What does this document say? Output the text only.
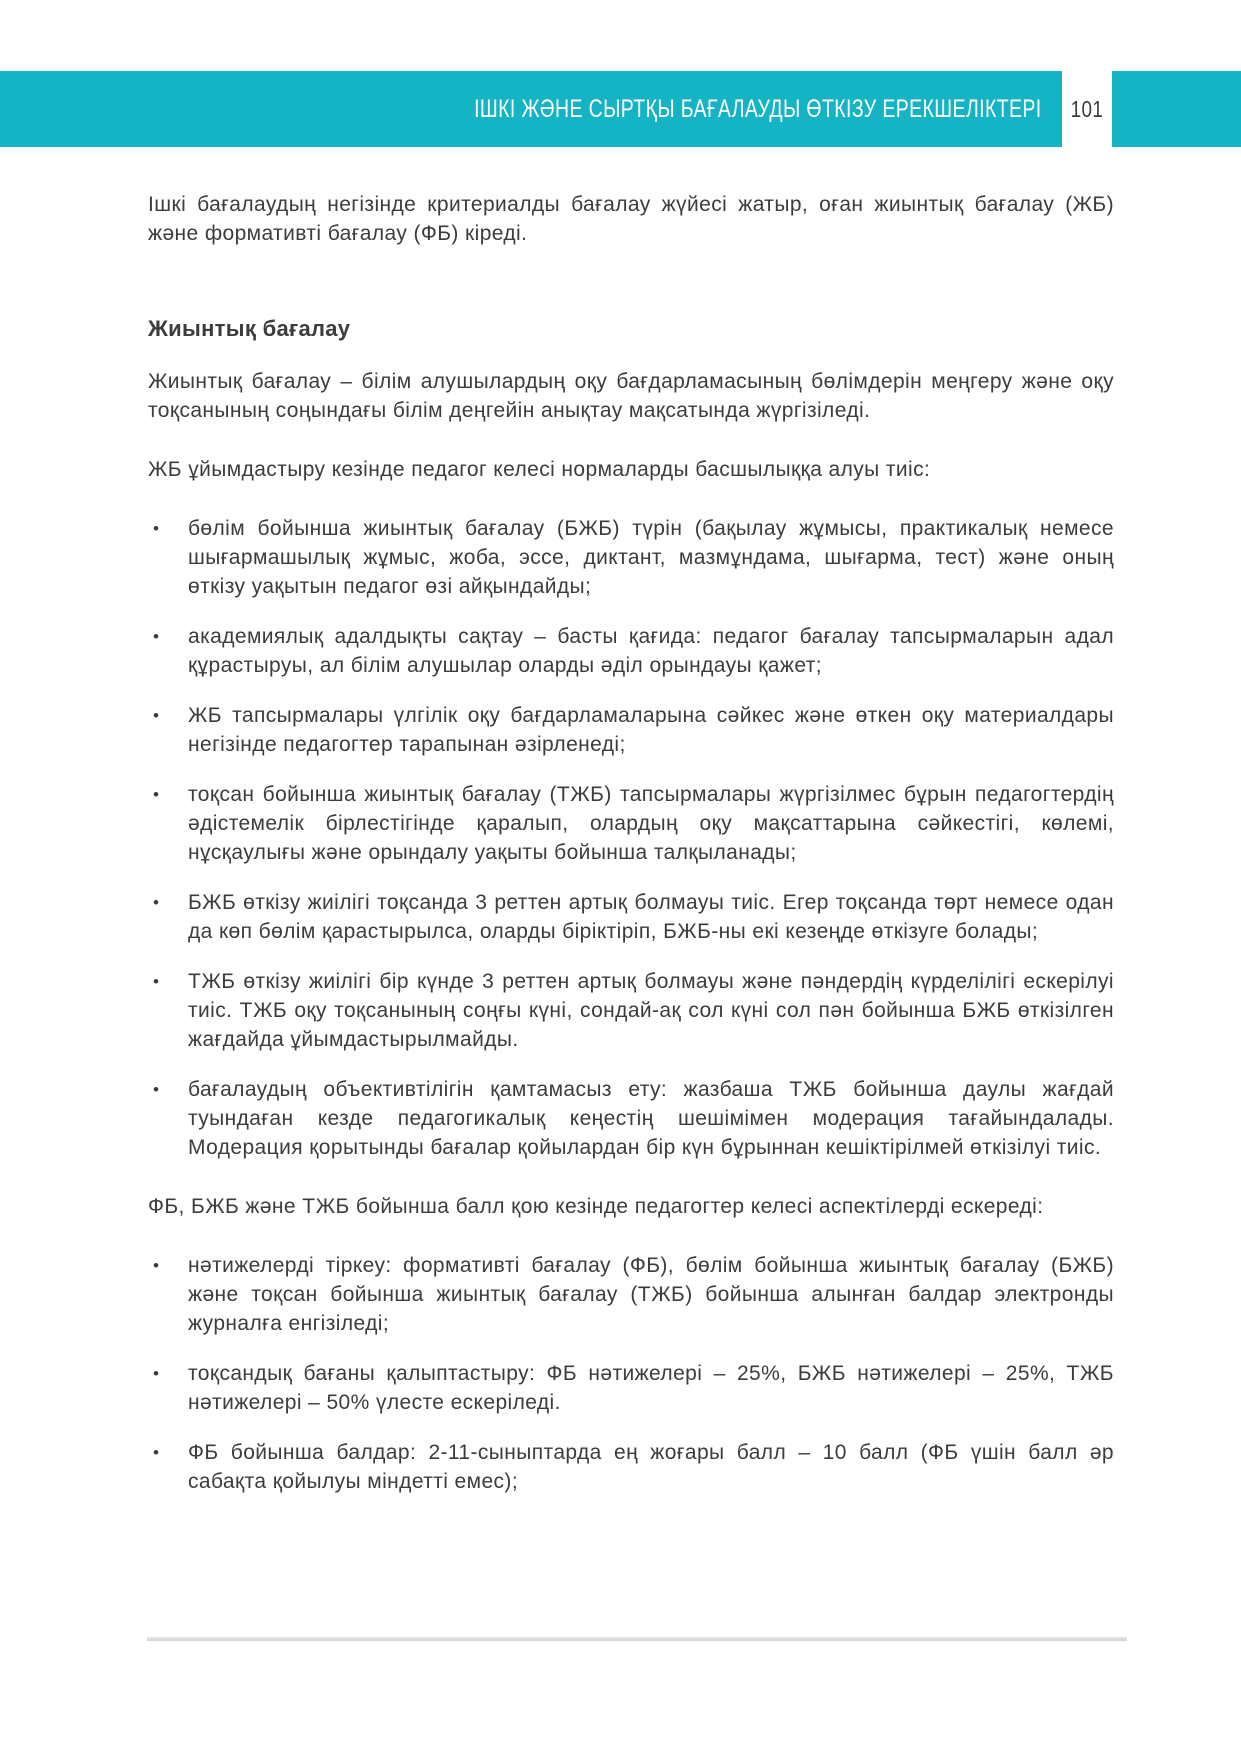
ІШКІ ЖӘНЕ СЫРТҚЫ БАҒАЛАУДЫ ӨТКІЗУ ЕРЕКШЕЛІКТЕРІ 101

Ішкі бағалаудың негізінде критериалды бағалау жүйесі жатыр, оған жиынтық бағалау (ЖБ) және формативті бағалау (ФБ) кіреді.

Жиынтық бағалау

Жиынтық бағалау – білім алушылардың оқу бағдарламасының бөлімдерін меңгеру және оқу тоқсанының соңындағы білім деңгейін анықтау мақсатында жүргізіледі.

ЖБ ұйымдастыру кезінде педагог келесі нормаларды басшылыққа алуы тиіс:

• бөлім бойынша жиынтық бағалау (БЖБ) түрін (бақылау жұмысы, практикалық немесе шығармашылық жұмыс, жоба, эссе, диктант, мазмұндама, шығарма, тест) және оның өткізу уақытын педагог өзі айқындайды;
• академиялық адалдықты сақтау – басты қағида: педагог бағалау тапсырмаларын адал құрастыруы, ал білім алушылар оларды әділ орындауы қажет;
• ЖБ тапсырмалары үлгілік оқу бағдарламаларына сәйкес және өткен оқу материалдары негізінде педагогтер тарапынан әзірленеді;
• тоқсан бойынша жиынтық бағалау (ТЖБ) тапсырмалары жүргізілмес бұрын педагогтердің әдістемелік бірлестігінде қаралып, олардың оқу мақсаттарына сәйкестігі, көлемі, нұсқаулығы және орындалу уақыты бойынша талқыланады;
• БЖБ өткізу жиілігі тоқсанда 3 реттен артық болмауы тиіс. Егер тоқсанда төрт немесе одан да көп бөлім қарастырылса, оларды біріктіріп, БЖБ-ны екі кезеңде өткізуге болады;
• ТЖБ өткізу жиілігі бір күнде 3 реттен артық болмауы және пәндердің күрделілігі ескерілуі тиіс. ТЖБ оқу тоқсанының соңғы күні, сондай-ақ сол күні сол пән бойынша БЖБ өткізілген жағдайда ұйымдастырылмайды.
• бағалаудың объективтілігін қамтамасыз ету: жазбаша ТЖБ бойынша даулы жағдай туындаған кезде педагогикалық кеңестің шешімімен модерация тағайындалады. Модерация қорытынды бағалар қойылардан бір күн бұрыннан кешіктірілмей өткізілуі тиіс.

ФБ, БЖБ және ТЖБ бойынша балл қою кезінде педагогтер келесі аспектілерді ескереді:

• нәтижелерді тіркеу: формативті бағалау (ФБ), бөлім бойынша жиынтық бағалау (БЖБ) және тоқсан бойынша жиынтық бағалау (ТЖБ) бойынша алынған балдар электронды журналға енгізіледі;
• тоқсандық бағаны қалыптастыру: ФБ нәтижелері – 25%, БЖБ нәтижелері – 25%, ТЖБ нәтижелері – 50% үлесте ескеріледі.
• ФБ бойынша балдар: 2-11-сыныптарда ең жоғары балл – 10 балл (ФБ үшін балл әр сабақта қойылуы міндетті емес);
